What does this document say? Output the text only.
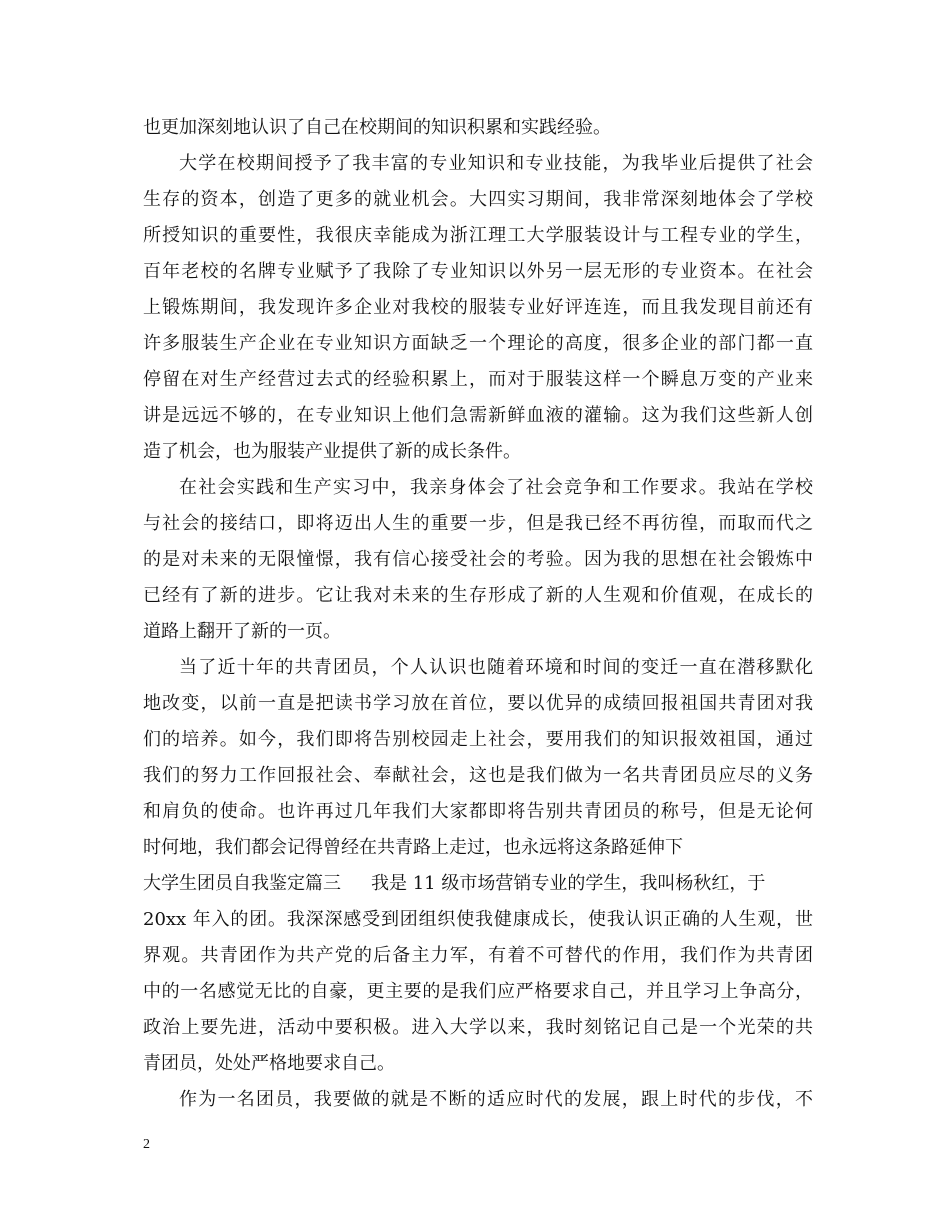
也更加深刻地认识了自己在校期间的知识积累和实践经验。
大学在校期间授予了我丰富的专业知识和专业技能，为我毕业后提供了社会
生存的资本，创造了更多的就业机会。大四实习期间，我非常深刻地体会了学校
所授知识的重要性，我很庆幸能成为浙江理工大学服装设计与工程专业的学生，
百年老校的名牌专业赋予了我除了专业知识以外另一层无形的专业资本。在社会
上锻炼期间，我发现许多企业对我校的服装专业好评连连，而且我发现目前还有
许多服装生产企业在专业知识方面缺乏一个理论的高度，很多企业的部门都一直
停留在对生产经营过去式的经验积累上，而对于服装这样一个瞬息万变的产业来
讲是远远不够的，在专业知识上他们急需新鲜血液的灌输。这为我们这些新人创
造了机会，也为服装产业提供了新的成长条件。
在社会实践和生产实习中，我亲身体会了社会竞争和工作要求。我站在学校
与社会的接结口，即将迈出人生的重要一步，但是我已经不再彷徨，而取而代之
的是对未来的无限憧憬，我有信心接受社会的考验。因为我的思想在社会锻炼中
已经有了新的进步。它让我对未来的生存形成了新的人生观和价值观，在成长的
道路上翻开了新的一页。
当了近十年的共青团员，个人认识也随着环境和时间的变迁一直在潜移默化
地改变，以前一直是把读书学习放在首位，要以优异的成绩回报祖国共青团对我
们的培养。如今，我们即将告别校园走上社会，要用我们的知识报效祖国，通过
我们的努力工作回报社会、奉献社会，这也是我们做为一名共青团员应尽的义务
和肩负的使命。也许再过几年我们大家都即将告别共青团员的称号，但是无论何
时何地，我们都会记得曾经在共青路上走过，也永远将这条路延伸下
大学生团员自我鉴定篇三 我是 11 级市场营销专业的学生，我叫杨秋红，于
20xx 年入的团。我深深感受到团组织使我健康成长，使我认识正确的人生观，世
界观。共青团作为共产党的后备主力军，有着不可替代的作用，我们作为共青团
中的一名感觉无比的自豪，更主要的是我们应严格要求自己，并且学习上争高分，
政治上要先进，活动中要积极。进入大学以来，我时刻铭记自己是一个光荣的共
青团员，处处严格地要求自己。
作为一名团员，我要做的就是不断的适应时代的发展，跟上时代的步伐，不
2
